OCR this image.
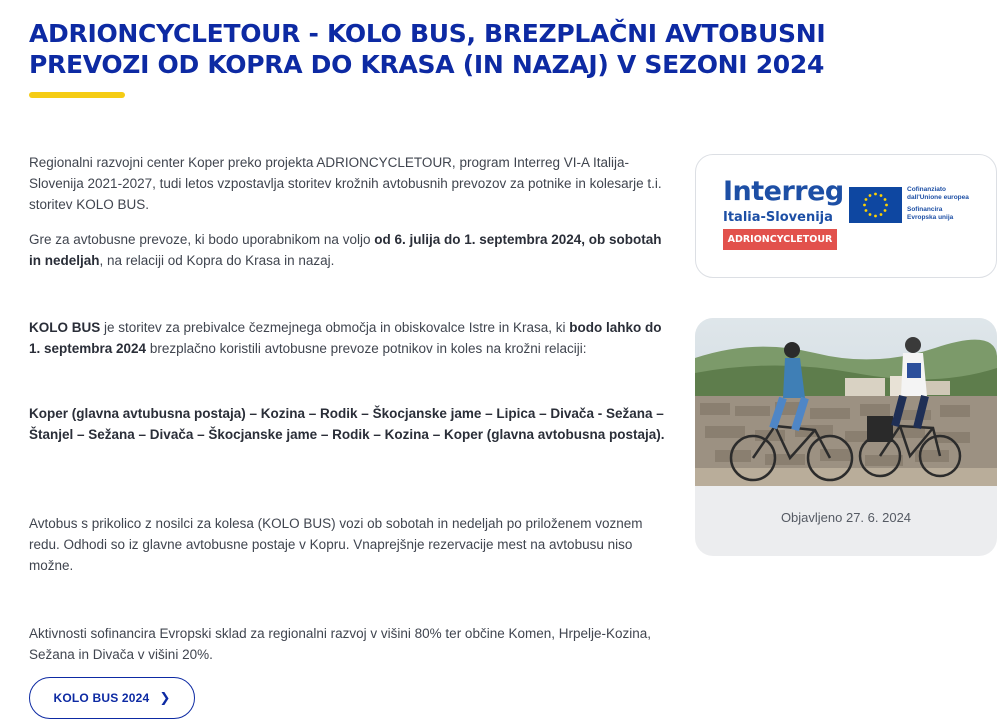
ADRIONCYCLETOUR - KOLO BUS, BREZPLAČNI AVTOBUSNI PREVOZI OD KOPRA DO KRASA (IN NAZAJ) V SEZONI 2024

Regionalni razvojni center Koper preko projekta ADRIONCYCLETOUR, program Interreg VI-A Italija-Slovenija 2021-2027, tudi letos vzpostavlja storitev krožnih avtobusnih prevozov za potnike in kolesarje t.i. storitev KOLO BUS.

Gre za avtobusne prevoze, ki bodo uporabnikom na voljo od 6. julija do 1. septembra 2024, ob sobotah in nedeljah, na relaciji od Kopra do Krasa in nazaj.

KOLO BUS je storitev za prebivalce čezmejnega območja in obiskovalce Istre in Krasa, ki bodo lahko do 1. septembra 2024 brezplačno koristili avtobusne prevoze potnikov in koles na krožni relaciji:

Koper (glavna avtubusna postaja) – Kozina – Rodik – Škocjanske jame – Lipica – Divača - Sežana – Štanjel – Sežana – Divača – Škocjanske jame – Rodik – Kozina – Koper (glavna avtobusna postaja).

Avtobus s prikolico z nosilci za kolesa (KOLO BUS) vozi ob sobotah in nedeljah po priloženem voznem redu. Odhodi so iz glavne avtobusne postaje v Kopru. Vnaprejšnje rezervacije mest na avtobusu niso možne.

Aktivnosti sofinancira Evropski sklad za regionalni razvoj v višini 80% ter občine Komen, Hrpelje-Kozina, Sežana in Divača v višini 20%.

KOLO BUS 2024 ❯
Interreg
Italia-Slovenija
ADRIONCYCLETOUR
Cofinanziato
dall'Unione europea
Sofinancira
Evropska unija
Objavljeno 27. 6. 2024
